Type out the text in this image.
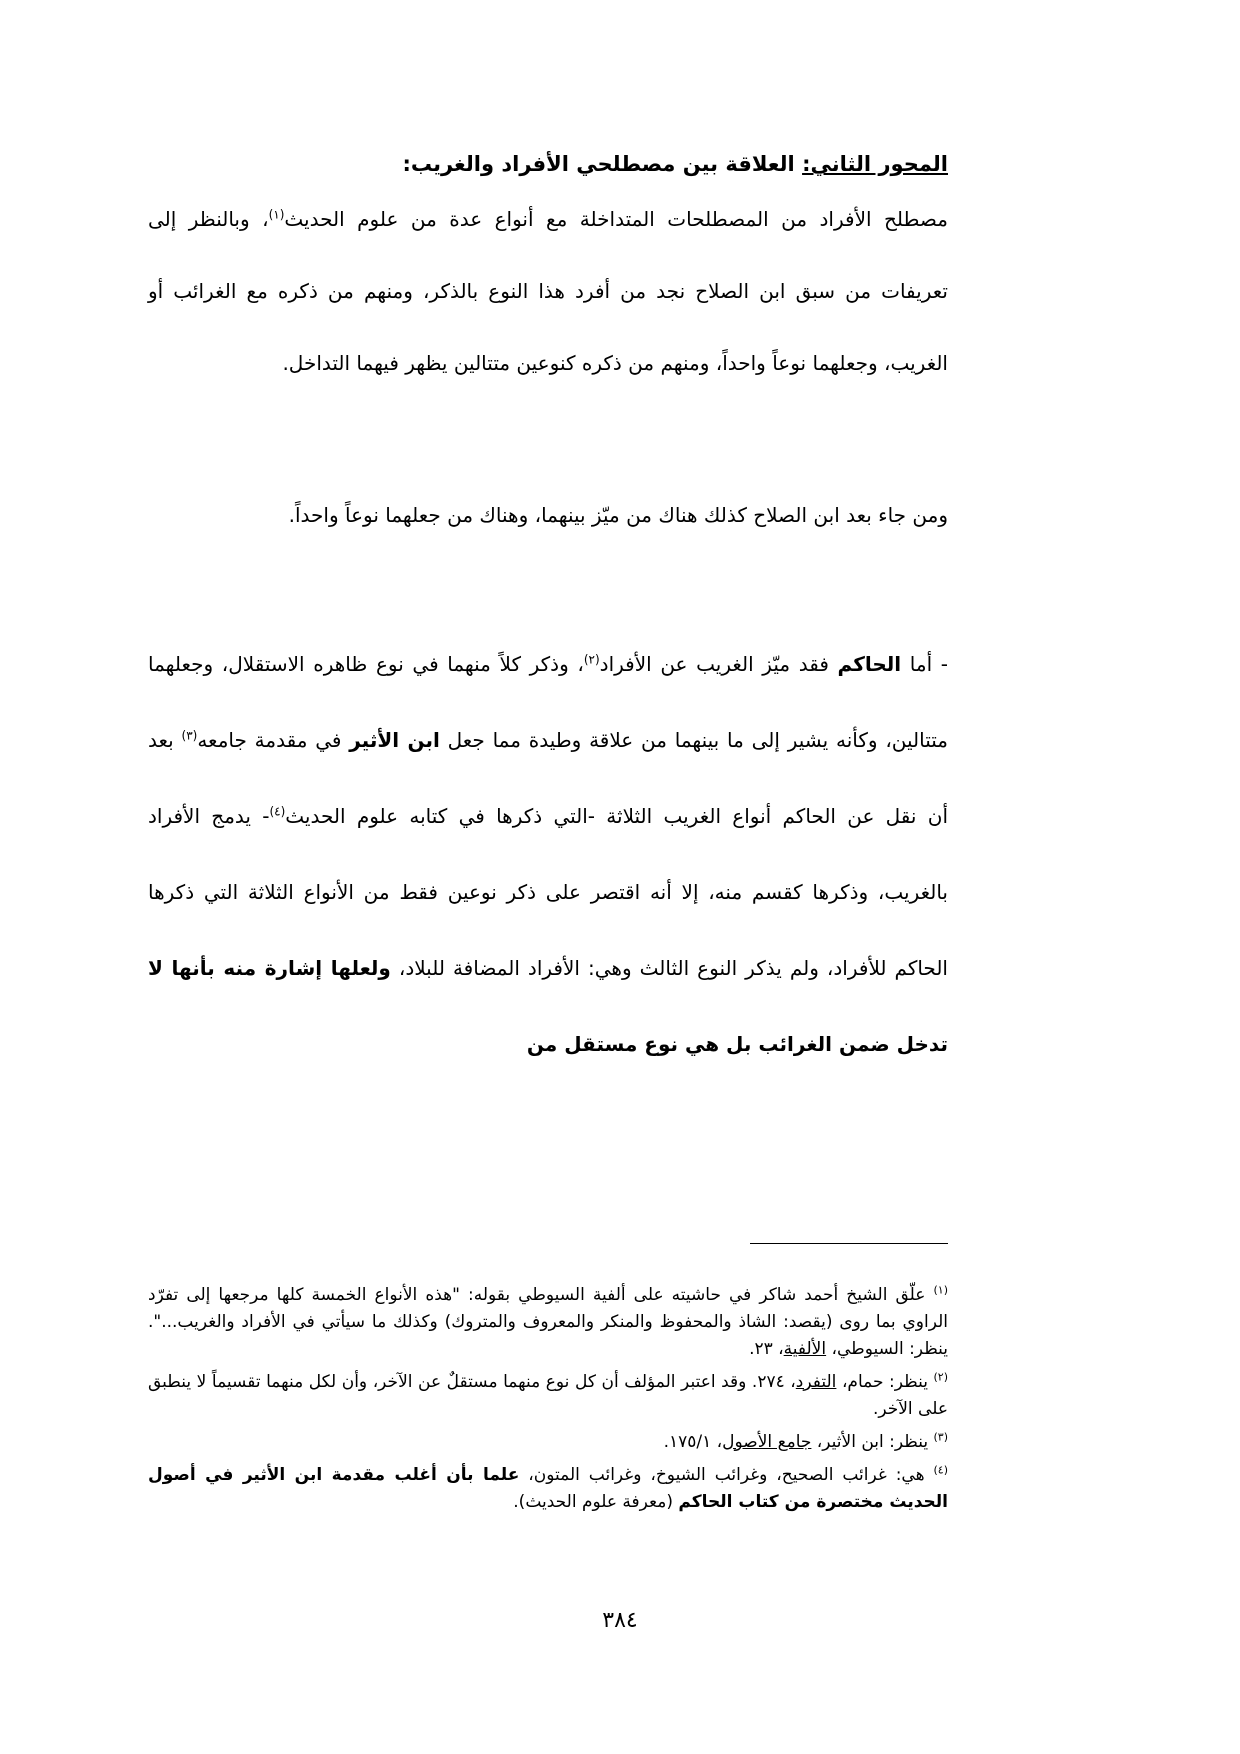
المحور الثاني: العلاقة بين مصطلحي الأفراد والغريب:
مصطلح الأفراد من المصطلحات المتداخلة مع أنواع عدة من علوم الحديث$^{(١)}$، وبالنظر إلى تعريفات من سبق ابن الصلاح نجد من أفرد هذا النوع بالذكر، ومنهم من ذكره مع الغرائب أو الغريب، وجعلهما نوعاً واحداً، ومنهم من ذكره كنوعين متتالين يظهر فيهما التداخل.
ومن جاء بعد ابن الصلاح كذلك هناك من ميّز بينهما، وهناك من جعلهما نوعاً واحداً.
- أما الحاكم فقد ميّز الغريب عن الأفراد$^{(٢)}$، وذكر كلاً منهما في نوع ظاهره الاستقلال، وجعلهما متتالين، وكأنه يشير إلى ما بينهما من علاقة وطيدة مما جعل ابن الأثير في مقدمة جامعه$^{(٣)}$ بعد أن نقل عن الحاكم أنواع الغريب الثلاثة -التي ذكرها في كتابه علوم الحديث$^{(٤)}$- يدمج الأفراد بالغريب، وذكرها كقسم منه، إلا أنه اقتصر على ذكر نوعين فقط من الأنواع الثلاثة التي ذكرها الحاكم للأفراد، ولم يذكر النوع الثالث وهي: الأفراد المضافة للبلاد، ولعلها إشارة منه بأنها لا تدخل ضمن الغرائب بل هي نوع مستقل من

$^{(١)}$ علّق الشيخ أحمد شاكر في حاشيته على ألفية السيوطي بقوله: "هذه الأنواع الخمسة كلها مرجعها إلى تفرّد الراوي بما روى (يقصد: الشاذ والمحفوظ والمنكر والمعروف والمتروك) وكذلك ما سيأتي في الأفراد والغريب...". ينظر: السيوطي، الألفية، ٢٣.

$^{(٢)}$ ينظر: حمام، التفرد، ٢٧٤. وقد اعتبر المؤلف أن كل نوع منهما مستقلٌ عن الآخر، وأن لكل منهما تقسيماً لا ينطبق على الآخر.

$^{(٣)}$ ينظر: ابن الأثير، جامع الأصول، ١٧٥/١.

$^{(٤)}$ هي: غرائب الصحيح، وغرائب الشيوخ، وغرائب المتون، علما بأن أغلب مقدمة ابن الأثير في أصول الحديث مختصرة من كتاب الحاكم (معرفة علوم الحديث).

٣٨٤
